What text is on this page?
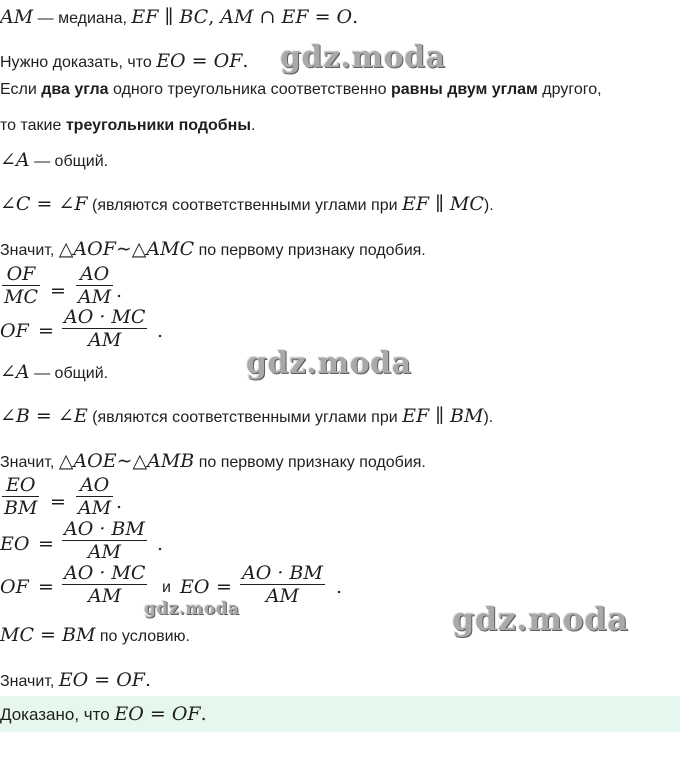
AM — медиана, EF ∥ BC, AM ∩ EF = O.
Нужно доказать, что EO = OF.
Если два угла одного треугольника соответственно равны двум углам другого,
то такие треугольники подобны.
∠A — общий.
∠C = ∠F (являются соответственными углами при EF ∥ MC).
Значит, △AOF∼△AMC по первому признаку подобия.
OF
MC =
AO
AM .
OF =
AO · MC
AM .
∠A — общий.
∠B = ∠E (являются соответственными углами при EF ∥ BM).
Значит, △AOE∼△AMB по первому признаку подобия.
EO
BM =
AO
AM .
EO =
AO · BM
AM .
OF =
AO · MC
AM	и EO =
AO · BM
AM .
MC = BM по условию.
Значит, EO = OF.
Доказано, что EO = OF.
gdz.moda
gdz.moda
gdz.moda	gdz.moda
